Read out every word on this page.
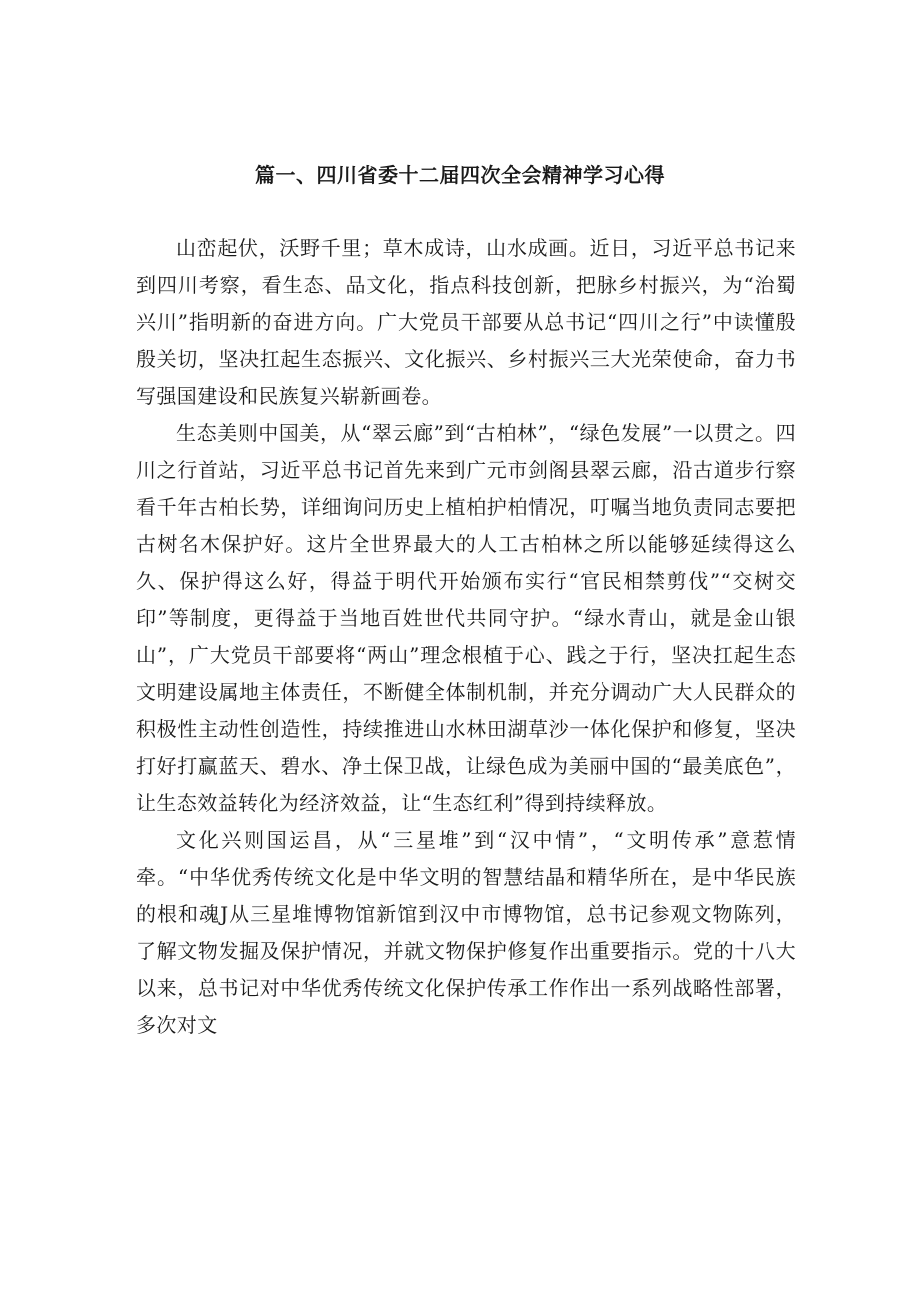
篇一、四川省委十二届四次全会精神学习心得

山峦起伏，沃野千里；草木成诗，山水成画。近日，习近平总书记来到四川考察，看生态、品文化，指点科技创新，把脉乡村振兴，为“治蜀兴川”指明新的奋进方向。广大党员干部要从总书记“四川之行”中读懂殷殷关切，坚决扛起生态振兴、文化振兴、乡村振兴三大光荣使命，奋力书写强国建设和民族复兴崭新画卷。

生态美则中国美，从“翠云廊”到“古柏林”，“绿色发展”一以贯之。四川之行首站，习近平总书记首先来到广元市剑阁县翠云廊，沿古道步行察看千年古柏长势，详细询问历史上植柏护柏情况，叮嘱当地负责同志要把古树名木保护好。这片全世界最大的人工古柏林之所以能够延续得这么久、保护得这么好，得益于明代开始颁布实行“官民相禁剪伐”“交树交印”等制度，更得益于当地百姓世代共同守护。“绿水青山，就是金山银山”，广大党员干部要将“两山”理念根植于心、践之于行，坚决扛起生态文明建设属地主体责任，不断健全体制机制，并充分调动广大人民群众的积极性主动性创造性，持续推进山水林田湖草沙一体化保护和修复，坚决打好打赢蓝天、碧水、净土保卫战，让绿色成为美丽中国的“最美底色”，让生态效益转化为经济效益，让“生态红利”得到持续释放。

文化兴则国运昌，从“三星堆”到“汉中情”，“文明传承”意惹情牵。“中华优秀传统文化是中华文明的智慧结晶和精华所在，是中华民族的根和魂J从三星堆博物馆新馆到汉中市博物馆，总书记参观文物陈列，了解文物发掘及保护情况，并就文物保护修复作出重要指示。党的十八大以来，总书记对中华优秀传统文化保护传承工作作出一系列战略性部署，多次对文
